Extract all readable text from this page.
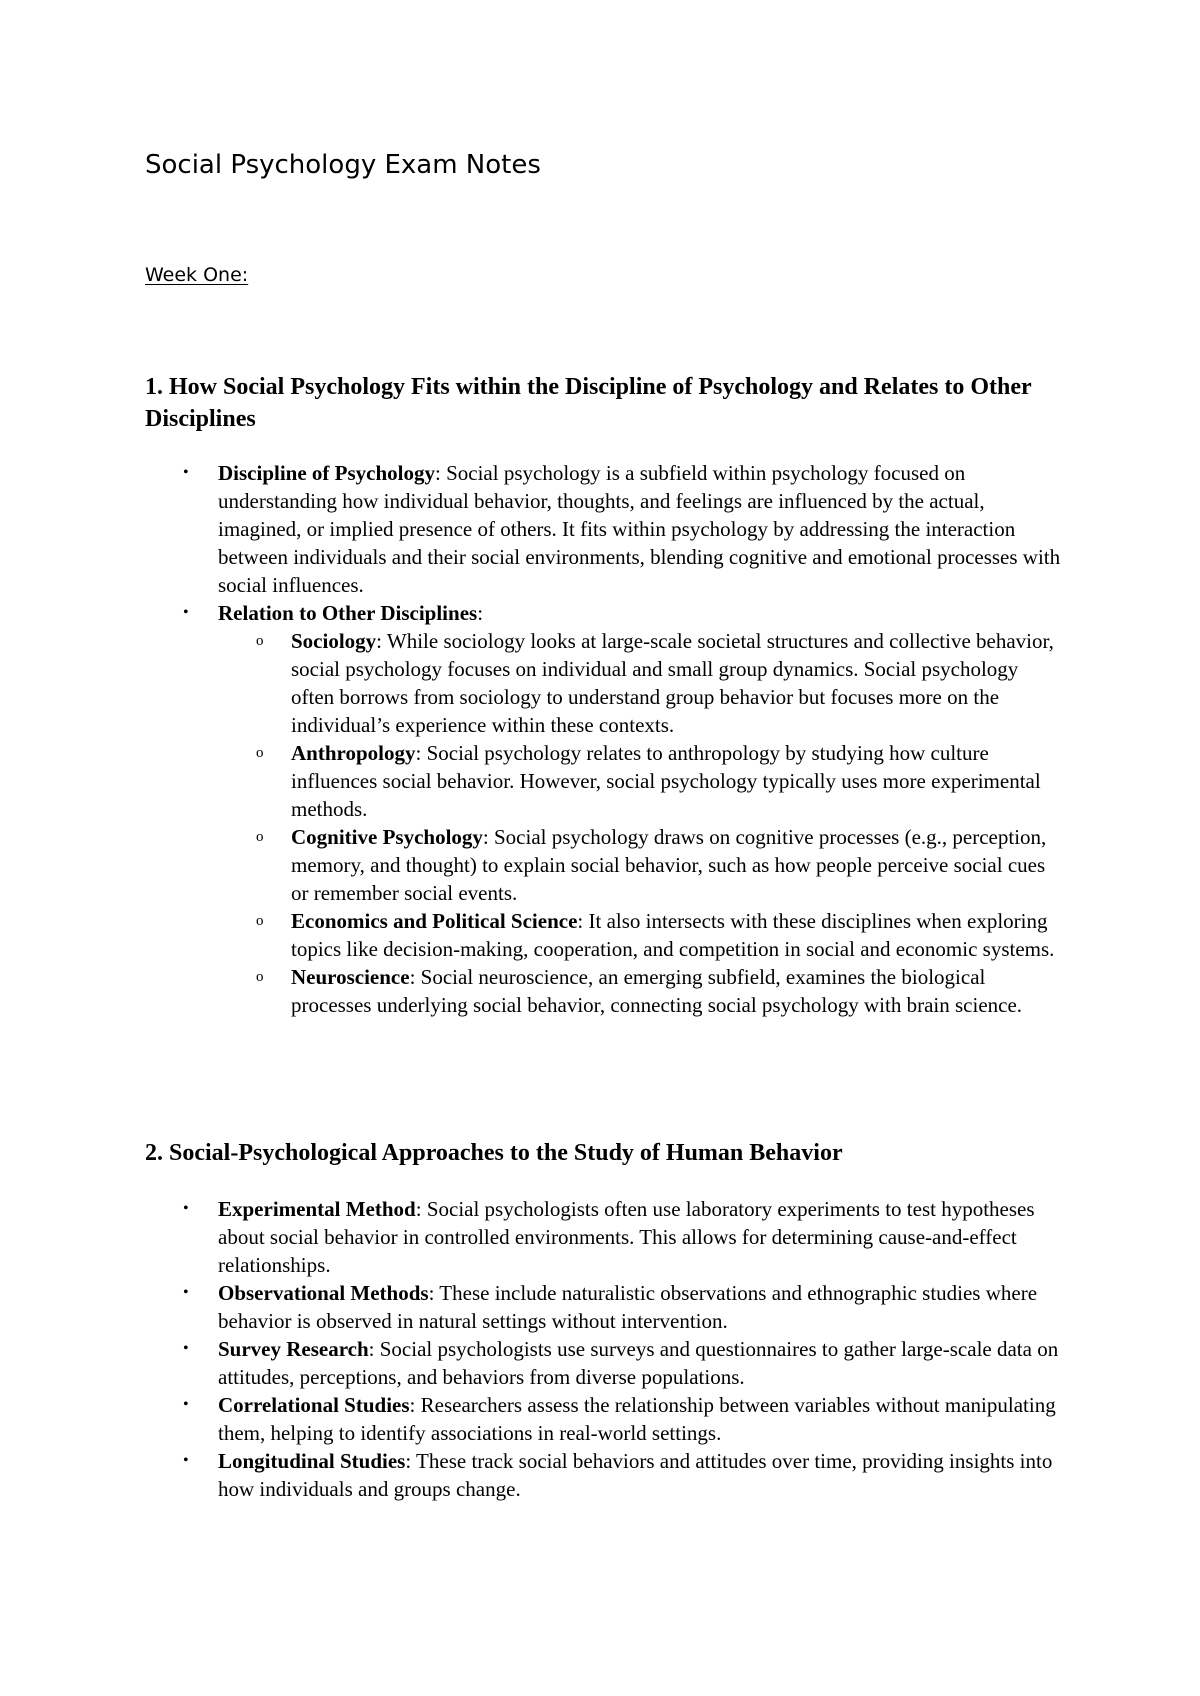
Social Psychology Exam Notes
Week One:
1. How Social Psychology Fits within the Discipline of Psychology and Relates to Other Disciplines
• Discipline of Psychology: Social psychology is a subfield within psychology focused on understanding how individual behavior, thoughts, and feelings are influenced by the actual, imagined, or implied presence of others. It fits within psychology by addressing the interaction between individuals and their social environments, blending cognitive and emotional processes with social influences.
• Relation to Other Disciplines:
o Sociology: While sociology looks at large-scale societal structures and collective behavior, social psychology focuses on individual and small group dynamics. Social psychology often borrows from sociology to understand group behavior but focuses more on the individual’s experience within these contexts.
o Anthropology: Social psychology relates to anthropology by studying how culture influences social behavior. However, social psychology typically uses more experimental methods.
o Cognitive Psychology: Social psychology draws on cognitive processes (e.g., perception, memory, and thought) to explain social behavior, such as how people perceive social cues or remember social events.
o Economics and Political Science: It also intersects with these disciplines when exploring topics like decision-making, cooperation, and competition in social and economic systems.
o Neuroscience: Social neuroscience, an emerging subfield, examines the biological processes underlying social behavior, connecting social psychology with brain science.
2. Social-Psychological Approaches to the Study of Human Behavior
• Experimental Method: Social psychologists often use laboratory experiments to test hypotheses about social behavior in controlled environments. This allows for determining cause-and-effect relationships.
• Observational Methods: These include naturalistic observations and ethnographic studies where behavior is observed in natural settings without intervention.
• Survey Research: Social psychologists use surveys and questionnaires to gather large-scale data on attitudes, perceptions, and behaviors from diverse populations.
• Correlational Studies: Researchers assess the relationship between variables without manipulating them, helping to identify associations in real-world settings.
• Longitudinal Studies: These track social behaviors and attitudes over time, providing insights into how individuals and groups change.
